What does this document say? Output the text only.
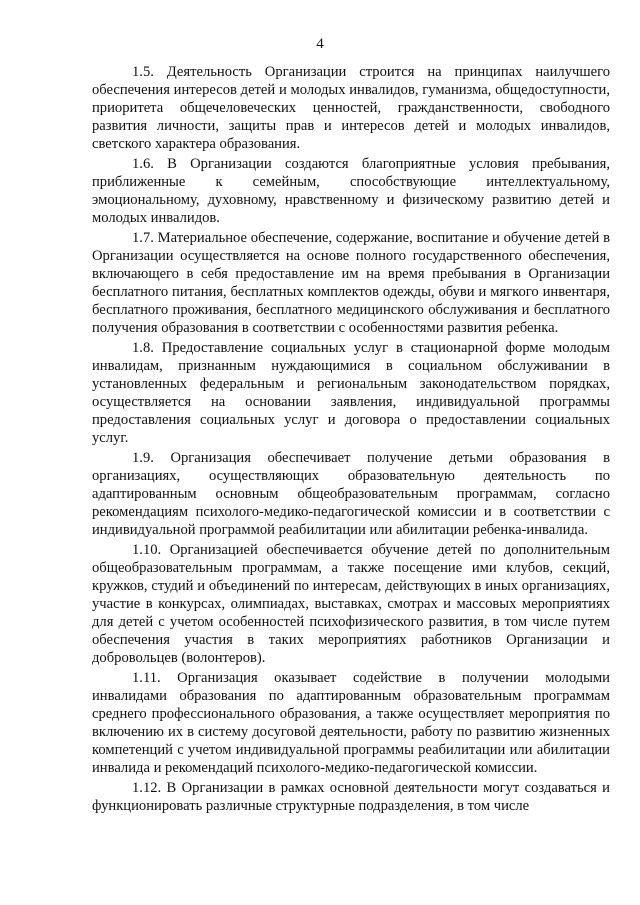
4

1.5. Деятельность Организации строится на принципах наилучшего обеспечения интересов детей и молодых инвалидов, гуманизма, общедоступности, приоритета общечеловеческих ценностей, гражданственности, свободного развития личности, защиты прав и интересов детей и молодых инвалидов, светского характера образования.

1.6. В Организации создаются благоприятные условия пребывания, приближенные к семейным, способствующие интеллектуальному, эмоциональному, духовному, нравственному и физическому развитию детей и молодых инвалидов.

1.7. Материальное обеспечение, содержание, воспитание и обучение детей в Организации осуществляется на основе полного государственного обеспечения, включающего в себя предоставление им на время пребывания в Организации бесплатного питания, бесплатных комплектов одежды, обуви и мягкого инвентаря, бесплатного проживания, бесплатного медицинского обслуживания и бесплатного получения образования в соответствии с особенностями развития ребенка.

1.8. Предоставление социальных услуг в стационарной форме молодым инвалидам, признанным нуждающимися в социальном обслуживании в установленных федеральным и региональным законодательством порядках, осуществляется на основании заявления, индивидуальной программы предоставления социальных услуг и договора о предоставлении социальных услуг.

1.9. Организация обеспечивает получение детьми образования в организациях, осуществляющих образовательную деятельность по адаптированным основным общеобразовательным программам, согласно рекомендациям психолого-медико-педагогической комиссии и в соответствии с индивидуальной программой реабилитации или абилитации ребенка-инвалида.

1.10. Организацией обеспечивается обучение детей по дополнительным общеобразовательным программам, а также посещение ими клубов, секций, кружков, студий и объединений по интересам, действующих в иных организациях, участие в конкурсах, олимпиадах, выставках, смотрах и массовых мероприятиях для детей с учетом особенностей психофизического развития, в том числе путем обеспечения участия в таких мероприятиях работников Организации и добровольцев (волонтеров).

1.11. Организация оказывает содействие в получении молодыми инвалидами образования по адаптированным образовательным программам среднего профессионального образования, а также осуществляет мероприятия по включению их в систему досуговой деятельности, работу по развитию жизненных компетенций с учетом индивидуальной программы реабилитации или абилитации инвалида и рекомендаций психолого-медико-педагогической комиссии.

1.12. В Организации в рамках основной деятельности могут создаваться и функционировать различные структурные подразделения, в том числе
